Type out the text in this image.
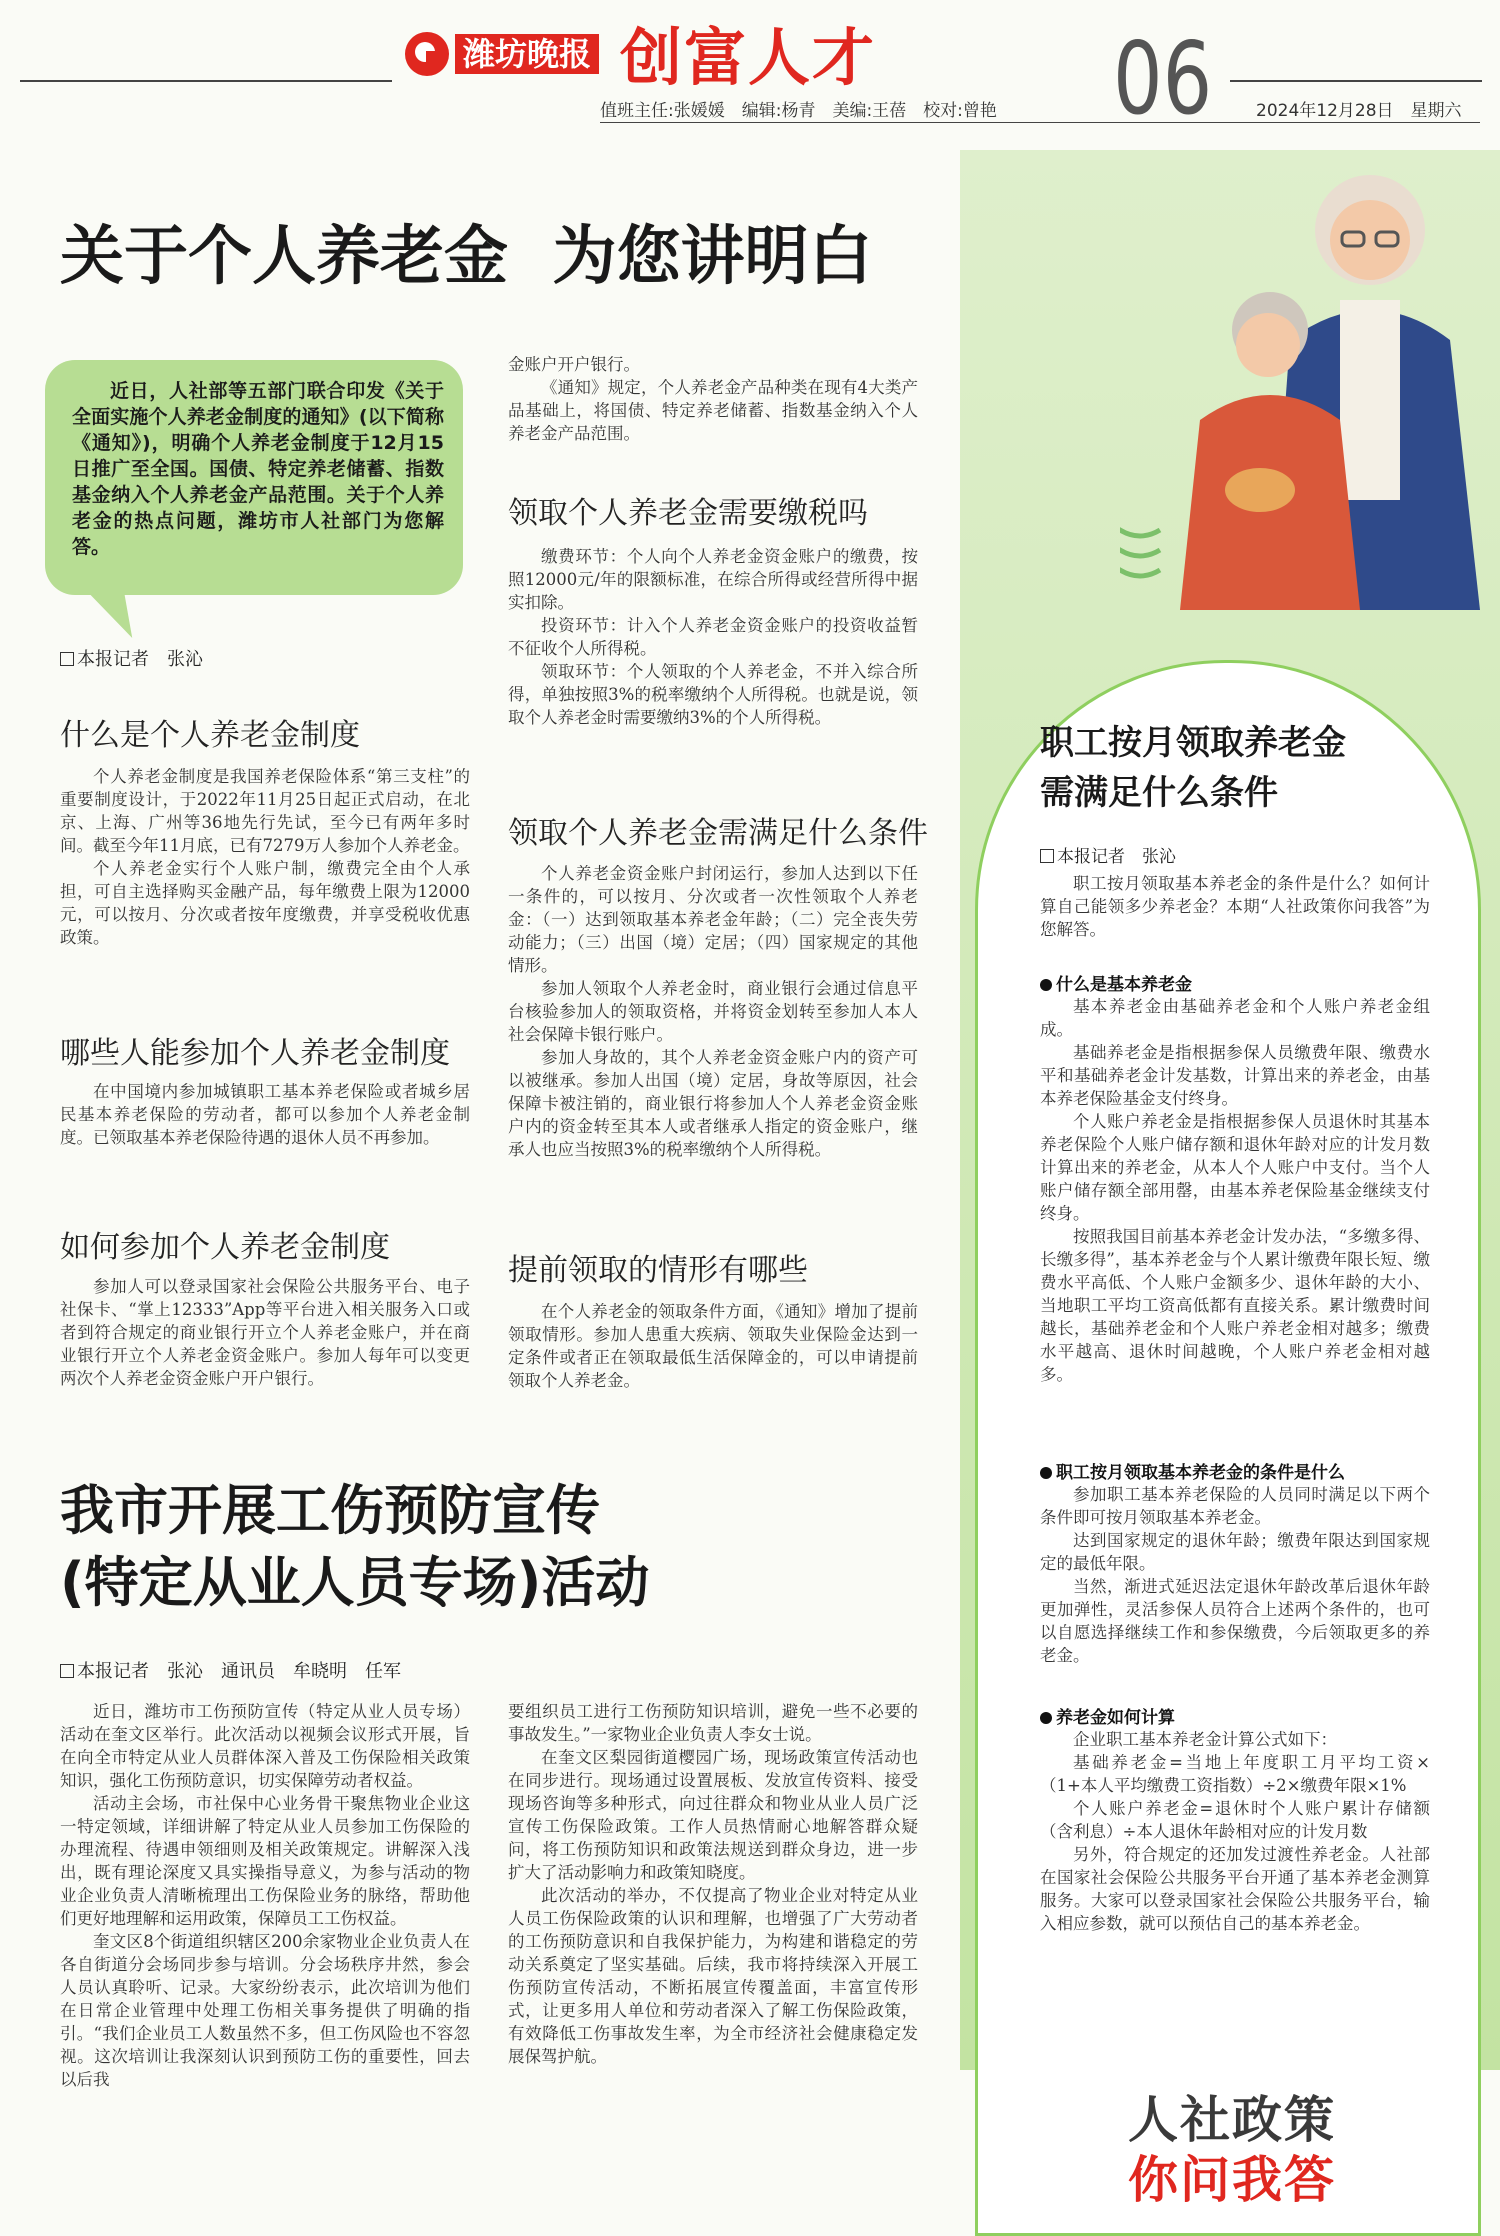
潍坊晚报 创富人才 06
值班主任:张媛媛　编辑:杨青　美编:王蓓　校对:曾艳	2024年12月28日　星期六
关于个人养老金  为您讲明白
近日，人社部等五部门联合印发《关于全面实施个人养老金制度的通知》(以下简称《通知》)，明确个人养老金制度于12月15日推广至全国。国债、特定养老储蓄、指数基金纳入个人养老金产品范围。关于个人养老金的热点问题，潍坊市人社部门为您解答。
本报记者　张沁
什么是个人养老金制度

个人养老金制度是我国养老保险体系“第三支柱”的重要制度设计，于2022年11月25日起正式启动，在北京、上海、广州等36地先行先试，至今已有两年多时间。截至今年11月底，已有7279万人参加个人养老金。

个人养老金实行个人账户制，缴费完全由个人承担，可自主选择购买金融产品，每年缴费上限为12000元，可以按月、分次或者按年度缴费，并享受税收优惠政策。

哪些人能参加个人养老金制度

在中国境内参加城镇职工基本养老保险或者城乡居民基本养老保险的劳动者，都可以参加个人养老金制度。已领取基本养老保险待遇的退休人员不再参加。

如何参加个人养老金制度

参加人可以登录国家社会保险公共服务平台、电子社保卡、“掌上12333”App等平台进入相关服务入口或者到符合规定的商业银行开立个人养老金账户，并在商业银行开立个人养老金资金账户。参加人每年可以变更两次个人养老金资金账户开户银行。

金账户开户银行。

《通知》规定，个人养老金产品种类在现有4大类产品基础上，将国债、特定养老储蓄、指数基金纳入个人养老金产品范围。

领取个人养老金需要缴税吗

缴费环节：个人向个人养老金资金账户的缴费，按照12000元/年的限额标准，在综合所得或经营所得中据实扣除。

投资环节：计入个人养老金资金账户的投资收益暂不征收个人所得税。

领取环节：个人领取的个人养老金，不并入综合所得，单独按照3%的税率缴纳个人所得税。也就是说，领取个人养老金时需要缴纳3%的个人所得税。

领取个人养老金需满足什么条件

个人养老金资金账户封闭运行，参加人达到以下任一条件的，可以按月、分次或者一次性领取个人养老金：（一）达到领取基本养老金年龄；（二）完全丧失劳动能力；（三）出国（境）定居；（四）国家规定的其他情形。

参加人领取个人养老金时，商业银行会通过信息平台核验参加人的领取资格，并将资金划转至参加人本人社会保障卡银行账户。

参加人身故的，其个人养老金资金账户内的资产可以被继承。参加人出国（境）定居，身故等原因，社会保障卡被注销的，商业银行将参加人个人养老金资金账户内的资金转至其本人或者继承人指定的资金账户，继承人也应当按照3%的税率缴纳个人所得税。

提前领取的情形有哪些

在个人养老金的领取条件方面，《通知》增加了提前领取情形。参加人患重大疾病、领取失业保险金达到一定条件或者正在领取最低生活保障金的，可以申请提前领取个人养老金。

我市开展工伤预防宣传
(特定从业人员专场)活动
本报记者　张沁　通讯员　牟晓明　任军

近日，潍坊市工伤预防宣传（特定从业人员专场）活动在奎文区举行。此次活动以视频会议形式开展，旨在向全市特定从业人员群体深入普及工伤保险相关政策知识，强化工伤预防意识，切实保障劳动者权益。

活动主会场，市社保中心业务骨干聚焦物业企业这一特定领域，详细讲解了特定从业人员参加工伤保险的办理流程、待遇申领细则及相关政策规定。讲解深入浅出，既有理论深度又具实操指导意义，为参与活动的物业企业负责人清晰梳理出工伤保险业务的脉络，帮助他们更好地理解和运用政策，保障员工工伤权益。

奎文区8个街道组织辖区200余家物业企业负责人在各自街道分会场同步参与培训。分会场秩序井然，参会人员认真聆听、记录。大家纷纷表示，此次培训为他们在日常企业管理中处理工伤相关事务提供了明确的指引。“我们企业员工人数虽然不多，但工伤风险也不容忽视。这次培训让我深刻认识到预防工伤的重要性，回去以后我

要组织员工进行工伤预防知识培训，避免一些不必要的事故发生。”一家物业企业负责人李女士说。

在奎文区梨园街道樱园广场，现场政策宣传活动也在同步进行。现场通过设置展板、发放宣传资料、接受现场咨询等多种形式，向过往群众和物业从业人员广泛宣传工伤保险政策。工作人员热情耐心地解答群众疑问，将工伤预防知识和政策法规送到群众身边，进一步扩大了活动影响力和政策知晓度。

此次活动的举办，不仅提高了物业企业对特定从业人员工伤保险政策的认识和理解，也增强了广大劳动者的工伤预防意识和自我保护能力，为构建和谐稳定的劳动关系奠定了坚实基础。后续，我市将持续深入开展工伤预防宣传活动，不断拓展宣传覆盖面，丰富宣传形式，让更多用人单位和劳动者深入了解工伤保险政策，有效降低工伤事故发生率，为全市经济社会健康稳定发展保驾护航。

职工按月领取养老金
需满足什么条件
本报记者　张沁

职工按月领取基本养老金的条件是什么？如何计算自己能领多少养老金？本期“人社政策你问我答”为您解答。

什么是基本养老金

基本养老金由基础养老金和个人账户养老金组成。

基础养老金是指根据参保人员缴费年限、缴费水平和基础养老金计发基数，计算出来的养老金，由基本养老保险基金支付终身。

个人账户养老金是指根据参保人员退休时其基本养老保险个人账户储存额和退休年龄对应的计发月数计算出来的养老金，从本人个人账户中支付。当个人账户储存额全部用罄，由基本养老保险基金继续支付终身。

按照我国目前基本养老金计发办法，“多缴多得、长缴多得”，基本养老金与个人累计缴费年限长短、缴费水平高低、个人账户金额多少、退休年龄的大小、当地职工平均工资高低都有直接关系。累计缴费时间越长，基础养老金和个人账户养老金相对越多；缴费水平越高、退休时间越晚，个人账户养老金相对越多。

职工按月领取基本养老金的条件是什么

参加职工基本养老保险的人员同时满足以下两个条件即可按月领取基本养老金。

达到国家规定的退休年龄；缴费年限达到国家规定的最低年限。

当然，渐进式延迟法定退休年龄改革后退休年龄更加弹性，灵活参保人员符合上述两个条件的，也可以自愿选择继续工作和参保缴费，今后领取更多的养老金。

养老金如何计算

企业职工基本养老金计算公式如下：

基础养老金=当地上年度职工月平均工资×（1+本人平均缴费工资指数）÷2×缴费年限×1%

个人账户养老金=退休时个人账户累计存储额（含利息）÷本人退休年龄相对应的计发月数

另外，符合规定的还加发过渡性养老金。人社部在国家社会保险公共服务平台开通了基本养老金测算服务。大家可以登录国家社会保险公共服务平台，输入相应参数，就可以预估自己的基本养老金。

人社政策
你问我答
